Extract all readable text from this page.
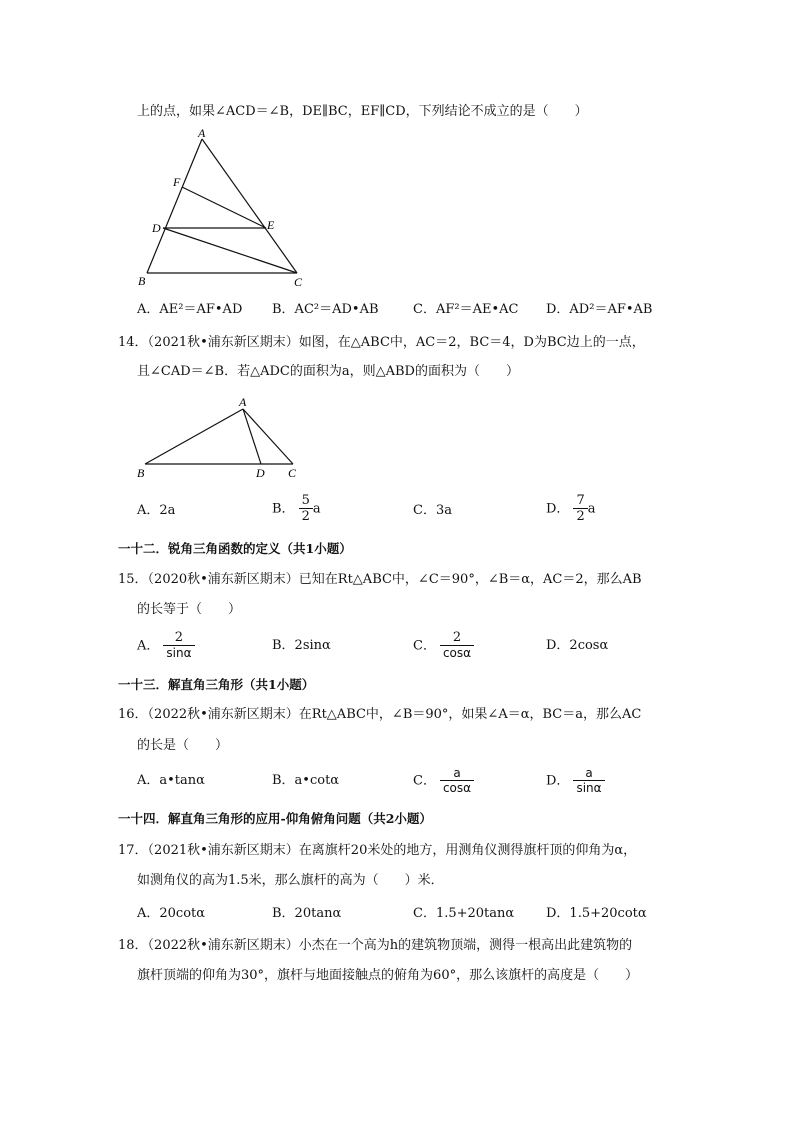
上的点，如果∠ACD＝∠B，DE∥BC，EF∥CD，下列结论不成立的是（　　）
A
F
D	E
B	C
A．AE²＝AF•AD B．AC²＝AD•AB	C．AF²＝AE•AC D．AD²＝AF•AB
14．（2021秋•浦东新区期末）如图，在△ABC中，AC＝2，BC＝4，D为BC边上的一点，
且∠CAD＝∠B．若△ADC的面积为a，则△ABD的面积为（　　）
A
B	D C
A．2a	B． $\frac{5}{2}$ a	C．3a	D． $\frac{7}{2}$ a
一十二．锐角三角函数的定义（共1小题）
15．（2020秋•浦东新区期末）已知在Rt△ABC中，∠C＝90°，∠B＝α，AC＝2，那么AB
的长等于（　　）
A． $\frac{2}{\sin\alpha}$	B．2sinα	C． $\frac{2}{\cos\alpha}$	D．2cosα
一十三．解直角三角形（共1小题）
16．（2022秋•浦东新区期末）在Rt△ABC中，∠B＝90°，如果∠A＝α，BC＝a，那么AC
的长是（　　）
A．a•tanα	B．a•cotα	C． $\frac{a}{\cos\alpha}$	D． $\frac{a}{\sin\alpha}$
一十四．解直角三角形的应用-仰角俯角问题（共2小题）
17．（2021秋•浦东新区期末）在离旗杆20米处的地方，用测角仪测得旗杆顶的仰角为α，
如测角仪的高为1.5米，那么旗杆的高为（　　）米．
A．20cotα	B．20tanα	C．1.5+20tanα D．1.5+20cotα
18．（2022秋•浦东新区期末）小杰在一个高为h的建筑物顶端，测得一根高出此建筑物的
旗杆顶端的仰角为30°，旗杆与地面接触点的俯角为60°，那么该旗杆的高度是（　　）
